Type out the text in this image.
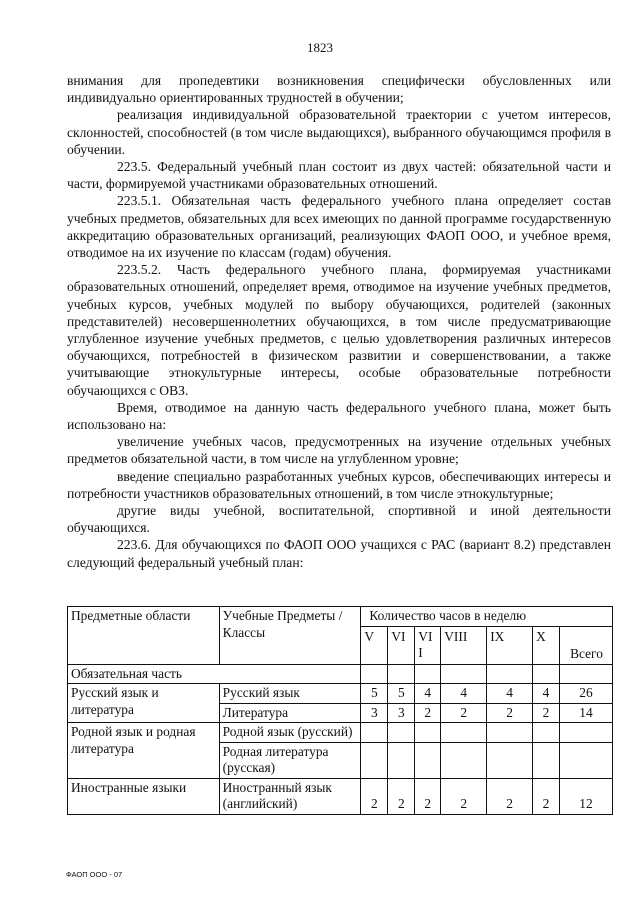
1823

внимания для пропедевтики возникновения специфически обусловленных или индивидуально ориентированных трудностей в обучении;

реализация индивидуальной образовательной траектории с учетом интересов, склонностей, способностей (в том числе выдающихся), выбранного обучающимся профиля в обучении.

223.5. Федеральный учебный план состоит из двух частей: обязательной части и части, формируемой участниками образовательных отношений.

223.5.1. Обязательная часть федерального учебного плана определяет состав учебных предметов, обязательных для всех имеющих по данной программе государственную аккредитацию образовательных организаций, реализующих ФАОП ООО, и учебное время, отводимое на их изучение по классам (годам) обучения.

223.5.2. Часть федерального учебного плана, формируемая участниками образовательных отношений, определяет время, отводимое на изучение учебных предметов, учебных курсов, учебных модулей по выбору обучающихся, родителей (законных представителей) несовершеннолетних обучающихся, в том числе предусматривающие углубленное изучение учебных предметов, с целью удовлетворения различных интересов обучающихся, потребностей в физическом развитии и совершенствовании, а также учитывающие этнокультурные интересы, особые образовательные потребности обучающихся с ОВЗ.

Время, отводимое на данную часть федерального учебного плана, может быть использовано на:

увеличение учебных часов, предусмотренных на изучение отдельных учебных предметов обязательной части, в том числе на углубленном уровне;

введение специально разработанных учебных курсов, обеспечивающих интересы и потребности участников образовательных отношений, в том числе этнокультурные;

другие виды учебной, воспитательной, спортивной и иной деятельности обучающихся.

223.6. Для обучающихся по ФАОП ООО учащихся с РАС (вариант 8.2) представлен следующий федеральный учебный план:

Предметные области	Учебные Предметы / Классы	Количество часов в неделю						
		V	VI	VI I	VIII	IX	X	Всего
Обязательная часть								
Русский язык и литература	Русский язык	5	5	4	4	4	4	26
	Литература	3	3	2	2	2	2	14
Родной язык и родная литература	Родной язык (русский)							
	Родная литература (русская)							
Иностранные языки	Иностранный язык (английский)	2	2	2	2	2	2	12
ФАОП ООО - 07
